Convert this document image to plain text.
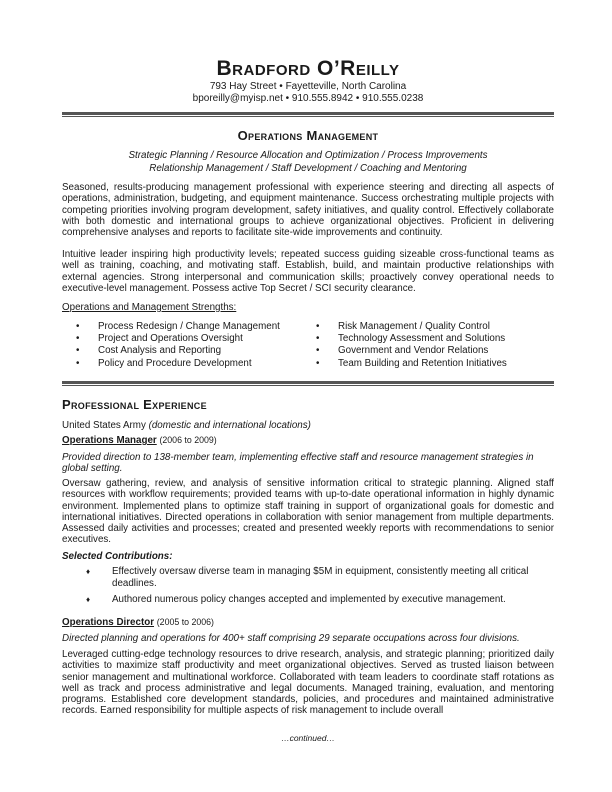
Bradford O’Reilly
793 Hay Street • Fayetteville, North Carolina
bporeilly@myisp.net • 910.555.8942 • 910.555.0238
Operations Management
Strategic Planning / Resource Allocation and Optimization / Process Improvements
Relationship Management / Staff Development / Coaching and Mentoring
Seasoned, results-producing management professional with experience steering and directing all aspects of operations, administration, budgeting, and equipment maintenance. Success orchestrating multiple projects with competing priorities involving program development, safety initiatives, and quality control. Effectively collaborate with both domestic and international groups to achieve organizational objectives. Proficient in delivering comprehensive analyses and reports to facilitate site-wide improvements and continuity.
Intuitive leader inspiring high productivity levels; repeated success guiding sizeable cross-functional teams as well as training, coaching, and motivating staff. Establish, build, and maintain productive relationships with external agencies. Strong interpersonal and communication skills; proactively convey operational needs to executive-level management. Possess active Top Secret / SCI security clearance.
Operations and Management Strengths:
• Process Redesign / Change Management
• Project and Operations Oversight
• Cost Analysis and Reporting
• Policy and Procedure Development
• Risk Management / Quality Control
• Technology Assessment and Solutions
• Government and Vendor Relations
• Team Building and Retention Initiatives
Professional Experience
United States Army (domestic and international locations)
Operations Manager (2006 to 2009)
Provided direction to 138-member team, implementing effective staff and resource management strategies in global setting.
Oversaw gathering, review, and analysis of sensitive information critical to strategic planning. Aligned staff resources with workflow requirements; provided teams with up-to-date operational information in highly dynamic environment. Implemented plans to optimize staff training in support of organizational goals for domestic and international initiatives. Directed operations in collaboration with senior management from multiple departments. Assessed daily activities and processes; created and presented weekly reports with recommendations to senior executives.
Selected Contributions:
♦ Effectively oversaw diverse team in managing $5M in equipment, consistently meeting all critical deadlines.
♦ Authored numerous policy changes accepted and implemented by executive management.
Operations Director (2005 to 2006)
Directed planning and operations for 400+ staff comprising 29 separate occupations across four divisions.
Leveraged cutting-edge technology resources to drive research, analysis, and strategic planning; prioritized daily activities to maximize staff productivity and meet organizational objectives. Served as trusted liaison between senior management and multinational workforce. Collaborated with team leaders to coordinate staff rotations as well as track and process administrative and legal documents. Managed training, evaluation, and mentoring programs. Established core development standards, policies, and procedures and maintained administrative records. Earned responsibility for multiple aspects of risk management to include overall
…continued…
